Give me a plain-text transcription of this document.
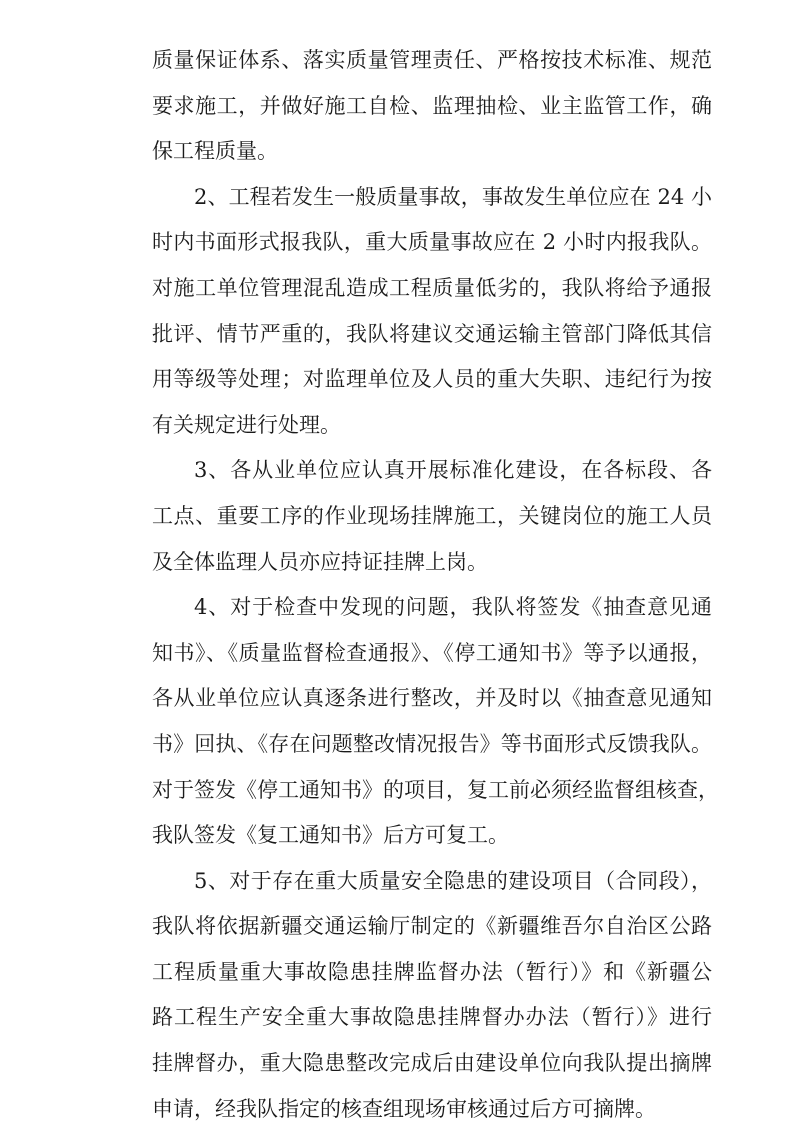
质量保证体系、落实质量管理责任、严格按技术标准、规范
要求施工，并做好施工自检、监理抽检、业主监管工作，确
保工程质量。
2、工程若发生一般质量事故，事故发生单位应在 24 小
时内书面形式报我队，重大质量事故应在 2 小时内报我队。
对施工单位管理混乱造成工程质量低劣的，我队将给予通报
批评、情节严重的，我队将建议交通运输主管部门降低其信
用等级等处理；对监理单位及人员的重大失职、违纪行为按
有关规定进行处理。
3、各从业单位应认真开展标准化建设，在各标段、各
工点、重要工序的作业现场挂牌施工，关键岗位的施工人员
及全体监理人员亦应持证挂牌上岗。
4、对于检查中发现的问题，我队将签发《抽查意见通
知书》、《质量监督检查通报》、《停工通知书》等予以通报，
各从业单位应认真逐条进行整改，并及时以《抽查意见通知
书》回执、《存在问题整改情况报告》等书面形式反馈我队。
对于签发《停工通知书》的项目，复工前必须经监督组核查，
我队签发《复工通知书》后方可复工。
5、对于存在重大质量安全隐患的建设项目（合同段），
我队将依据新疆交通运输厅制定的《新疆维吾尔自治区公路
工程质量重大事故隐患挂牌监督办法（暂行）》和《新疆公
路工程生产安全重大事故隐患挂牌督办办法（暂行）》进行
挂牌督办，重大隐患整改完成后由建设单位向我队提出摘牌
申请，经我队指定的核查组现场审核通过后方可摘牌。
